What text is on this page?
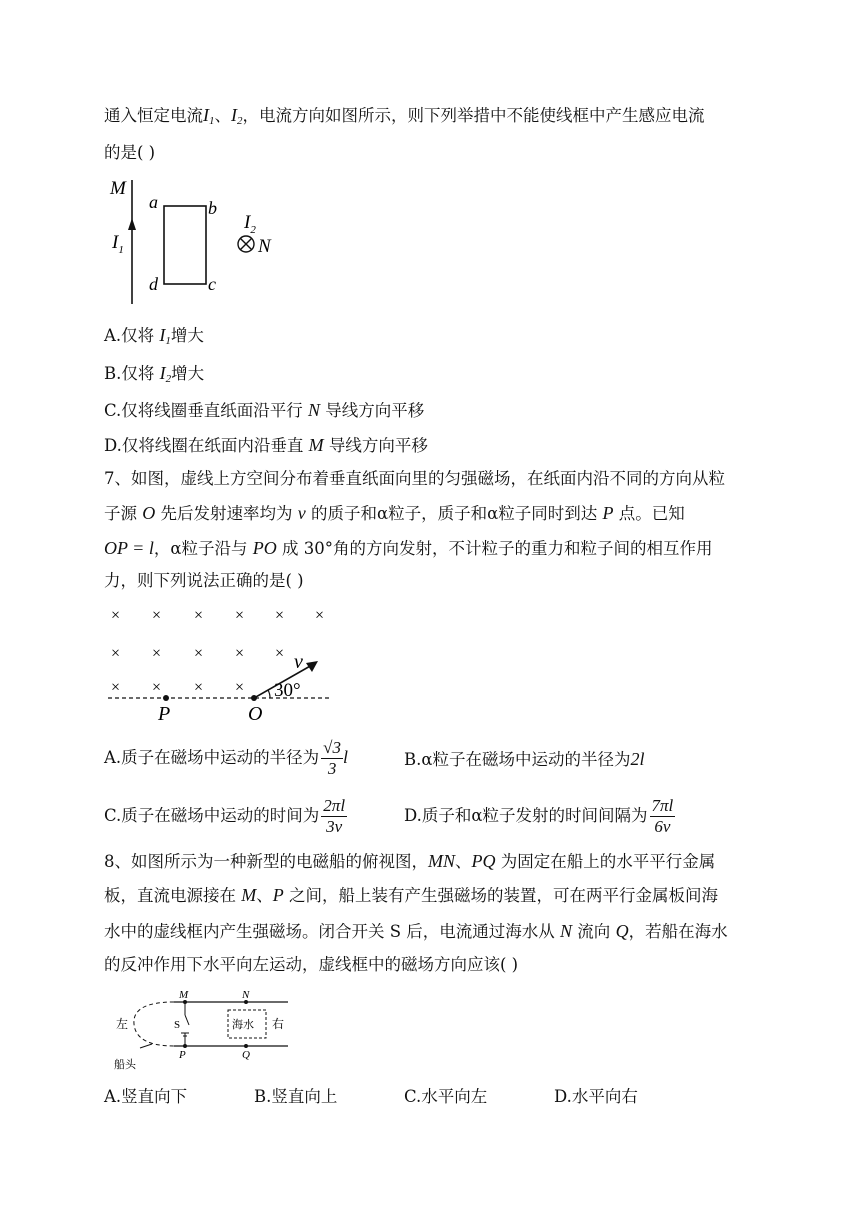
通入恒定电流$I_1$、$I_2$，电流方向如图所示，则下列举措中不能使线框中产生感应电流
的是( )
M
$I_1$
a	b
d	c
$I_2$
N
A.仅将 $I_1$增大
B.仅将 $I_2$增大
C.仅将线圈垂直纸面沿平行 N 导线方向平移
D.仅将线圈在纸面内沿垂直 M 导线方向平移
7、如图，虚线上方空间分布着垂直纸面向里的匀强磁场，在纸面内沿不同的方向从粒
子源 O 先后发射速率均为 v 的质子和α粒子，质子和α粒子同时到达 P 点。已知
OP = l，α粒子沿与 PO 成 30°角的方向发射，不计粒子的重力和粒子间的相互作用
力，则下列说法正确的是( )
× × × × × ×
× × × × ×
× × × ×
v
30°
P	O
A.质子在磁场中运动的半径为 $\frac{√3}{3}$ l	B.α粒子在磁场中运动的半径为2l
C.质子在磁场中运动的时间为 $\frac{2\pi l}{3v}$	D.质子和α粒子发射的时间间隔为 $\frac{7\pi l}{6v}$
8、如图所示为一种新型的电磁船的俯视图，MN、PQ 为固定在船上的水平平行金属
板，直流电源接在 M、P 之间，船上装有产生强磁场的装置，可在两平行金属板间海
水中的虚线框内产生强磁场。闭合开关 S 后，电流通过海水从 N 流向 Q，若船在海水
的反冲作用下水平向左运动，虚线框中的磁场方向应该( )
M	N
P	Q
S	海水
左	右
船头
A.竖直向下	B.竖直向上	C.水平向左	D.水平向右
